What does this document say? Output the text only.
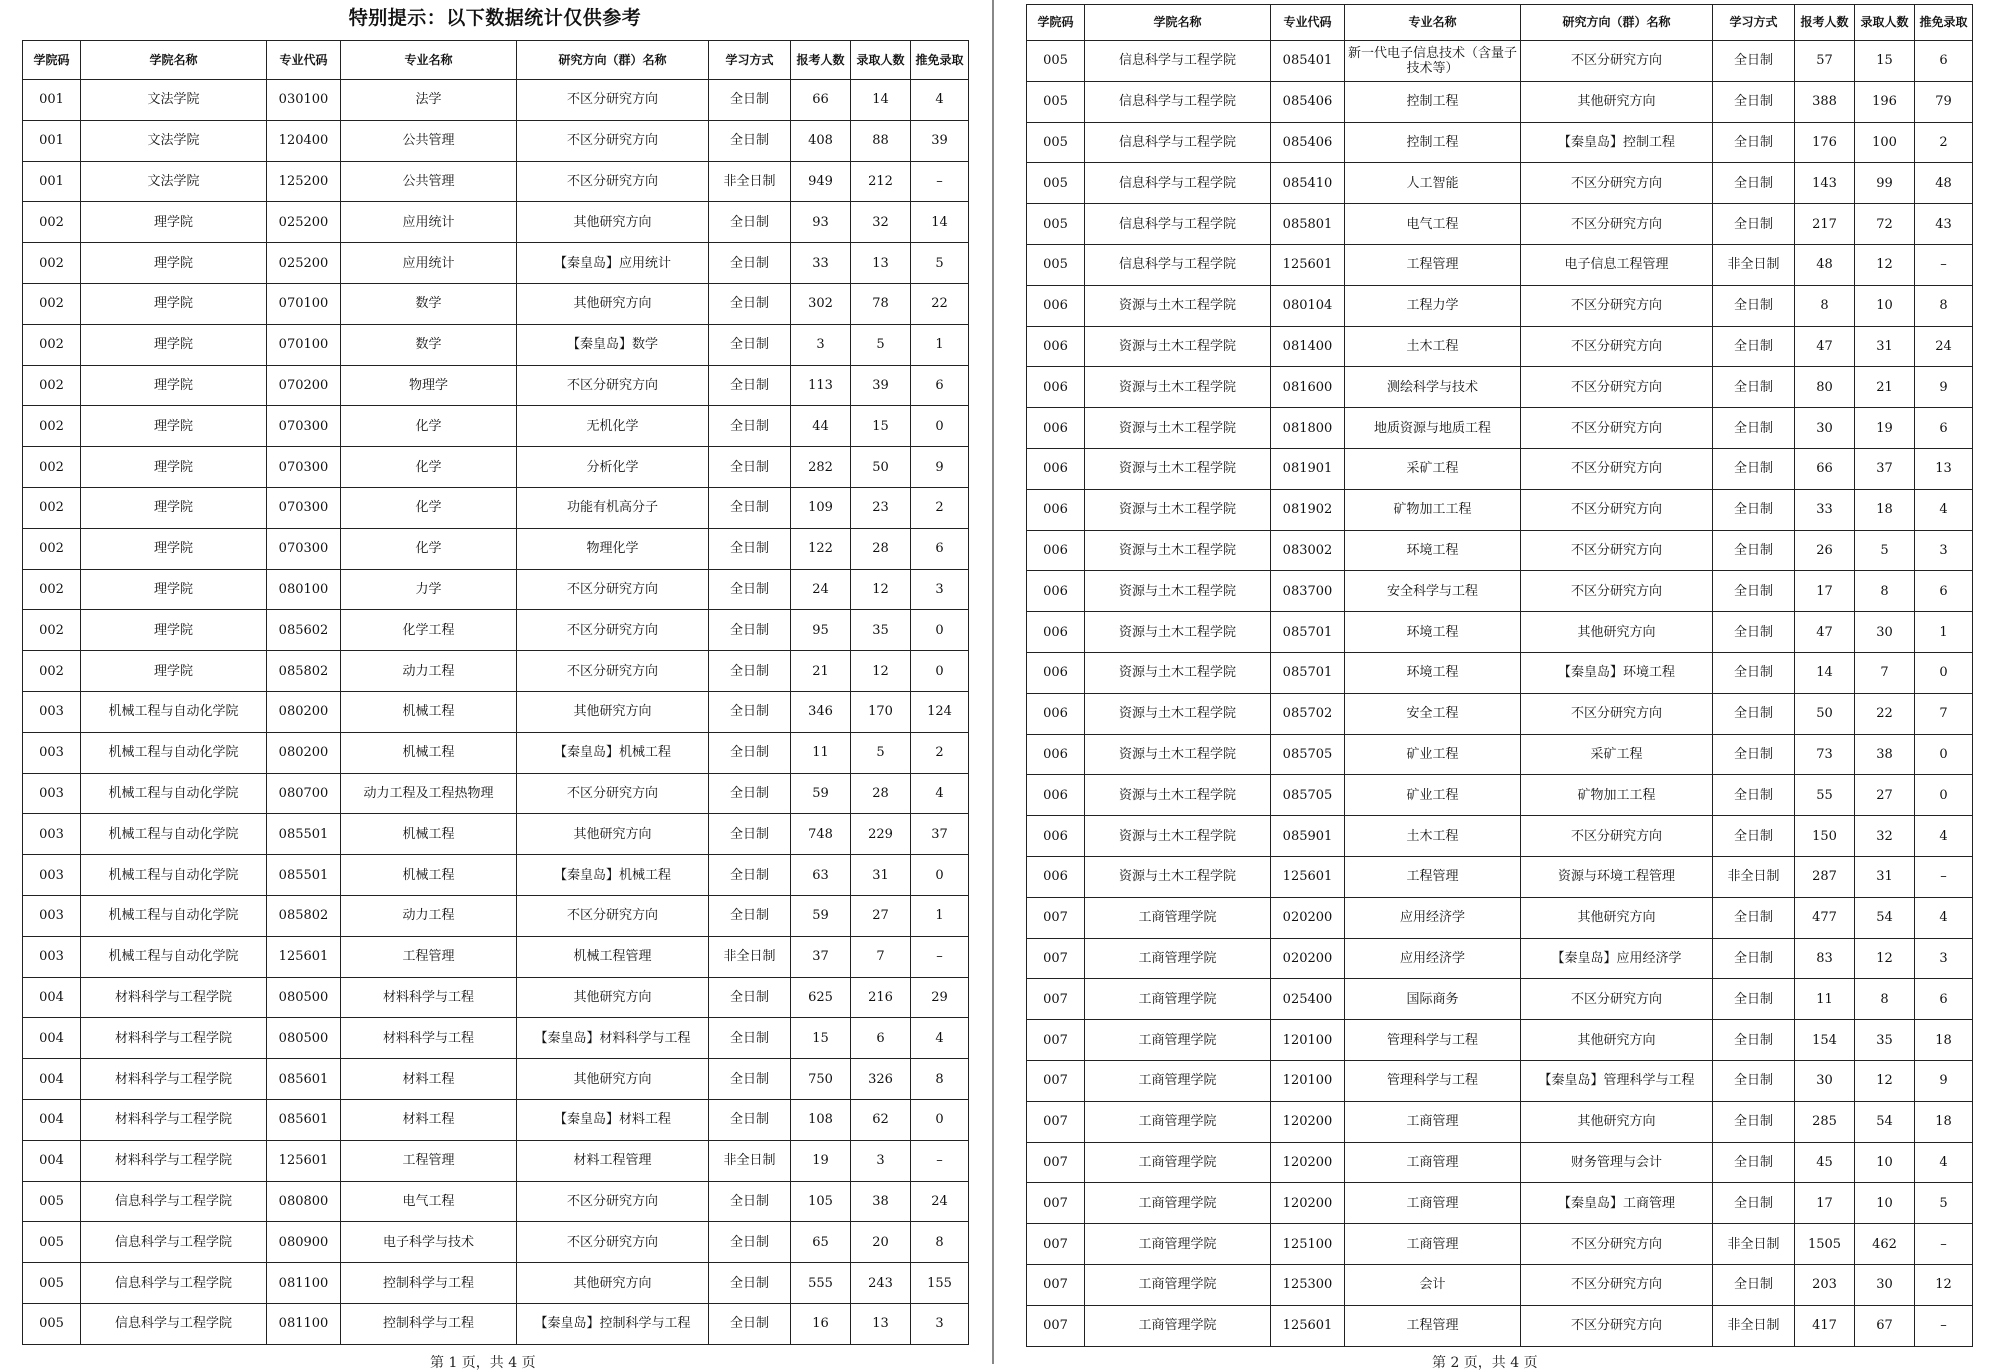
特别提示：以下数据统计仅供参考
学院码	学院名称	专业代码	专业名称	研究方向（群）名称	学习方式	报考人数	录取人数	推免录取
001	文法学院	030100	法学	不区分研究方向	全日制	66	14	4
001	文法学院	120400	公共管理	不区分研究方向	全日制	408	88	39
001	文法学院	125200	公共管理	不区分研究方向	非全日制	949	212	–
002	理学院	025200	应用统计	其他研究方向	全日制	93	32	14
002	理学院	025200	应用统计	【秦皇岛】应用统计	全日制	33	13	5
002	理学院	070100	数学	其他研究方向	全日制	302	78	22
002	理学院	070100	数学	【秦皇岛】数学	全日制	3	5	1
002	理学院	070200	物理学	不区分研究方向	全日制	113	39	6
002	理学院	070300	化学	无机化学	全日制	44	15	0
002	理学院	070300	化学	分析化学	全日制	282	50	9
002	理学院	070300	化学	功能有机高分子	全日制	109	23	2
002	理学院	070300	化学	物理化学	全日制	122	28	6
002	理学院	080100	力学	不区分研究方向	全日制	24	12	3
002	理学院	085602	化学工程	不区分研究方向	全日制	95	35	0
002	理学院	085802	动力工程	不区分研究方向	全日制	21	12	0
003	机械工程与自动化学院	080200	机械工程	其他研究方向	全日制	346	170	124
003	机械工程与自动化学院	080200	机械工程	【秦皇岛】机械工程	全日制	11	5	2
003	机械工程与自动化学院	080700	动力工程及工程热物理	不区分研究方向	全日制	59	28	4
003	机械工程与自动化学院	085501	机械工程	其他研究方向	全日制	748	229	37
003	机械工程与自动化学院	085501	机械工程	【秦皇岛】机械工程	全日制	63	31	0
003	机械工程与自动化学院	085802	动力工程	不区分研究方向	全日制	59	27	1
003	机械工程与自动化学院	125601	工程管理	机械工程管理	非全日制	37	7	–
004	材料科学与工程学院	080500	材料科学与工程	其他研究方向	全日制	625	216	29
004	材料科学与工程学院	080500	材料科学与工程	【秦皇岛】材料科学与工程	全日制	15	6	4
004	材料科学与工程学院	085601	材料工程	其他研究方向	全日制	750	326	8
004	材料科学与工程学院	085601	材料工程	【秦皇岛】材料工程	全日制	108	62	0
004	材料科学与工程学院	125601	工程管理	材料工程管理	非全日制	19	3	–
005	信息科学与工程学院	080800	电气工程	不区分研究方向	全日制	105	38	24
005	信息科学与工程学院	080900	电子科学与技术	不区分研究方向	全日制	65	20	8
005	信息科学与工程学院	081100	控制科学与工程	其他研究方向	全日制	555	243	155
005	信息科学与工程学院	081100	控制科学与工程	【秦皇岛】控制科学与工程	全日制	16	13	3
学院码	学院名称	专业代码	专业名称	研究方向（群）名称	学习方式	报考人数	录取人数	推免录取
005	信息科学与工程学院	085401	新一代电子信息技术（含量子技术等）	不区分研究方向	全日制	57	15	6
005	信息科学与工程学院	085406	控制工程	其他研究方向	全日制	388	196	79
005	信息科学与工程学院	085406	控制工程	【秦皇岛】控制工程	全日制	176	100	2
005	信息科学与工程学院	085410	人工智能	不区分研究方向	全日制	143	99	48
005	信息科学与工程学院	085801	电气工程	不区分研究方向	全日制	217	72	43
005	信息科学与工程学院	125601	工程管理	电子信息工程管理	非全日制	48	12	–
006	资源与土木工程学院	080104	工程力学	不区分研究方向	全日制	8	10	8
006	资源与土木工程学院	081400	土木工程	不区分研究方向	全日制	47	31	24
006	资源与土木工程学院	081600	测绘科学与技术	不区分研究方向	全日制	80	21	9
006	资源与土木工程学院	081800	地质资源与地质工程	不区分研究方向	全日制	30	19	6
006	资源与土木工程学院	081901	采矿工程	不区分研究方向	全日制	66	37	13
006	资源与土木工程学院	081902	矿物加工工程	不区分研究方向	全日制	33	18	4
006	资源与土木工程学院	083002	环境工程	不区分研究方向	全日制	26	5	3
006	资源与土木工程学院	083700	安全科学与工程	不区分研究方向	全日制	17	8	6
006	资源与土木工程学院	085701	环境工程	其他研究方向	全日制	47	30	1
006	资源与土木工程学院	085701	环境工程	【秦皇岛】环境工程	全日制	14	7	0
006	资源与土木工程学院	085702	安全工程	不区分研究方向	全日制	50	22	7
006	资源与土木工程学院	085705	矿业工程	采矿工程	全日制	73	38	0
006	资源与土木工程学院	085705	矿业工程	矿物加工工程	全日制	55	27	0
006	资源与土木工程学院	085901	土木工程	不区分研究方向	全日制	150	32	4
006	资源与土木工程学院	125601	工程管理	资源与环境工程管理	非全日制	287	31	–
007	工商管理学院	020200	应用经济学	其他研究方向	全日制	477	54	4
007	工商管理学院	020200	应用经济学	【秦皇岛】应用经济学	全日制	83	12	3
007	工商管理学院	025400	国际商务	不区分研究方向	全日制	11	8	6
007	工商管理学院	120100	管理科学与工程	其他研究方向	全日制	154	35	18
007	工商管理学院	120100	管理科学与工程	【秦皇岛】管理科学与工程	全日制	30	12	9
007	工商管理学院	120200	工商管理	其他研究方向	全日制	285	54	18
007	工商管理学院	120200	工商管理	财务管理与会计	全日制	45	10	4
007	工商管理学院	120200	工商管理	【秦皇岛】工商管理	全日制	17	10	5
007	工商管理学院	125100	工商管理	不区分研究方向	非全日制	1505	462	–
007	工商管理学院	125300	会计	不区分研究方向	全日制	203	30	12
007	工商管理学院	125601	工程管理	不区分研究方向	非全日制	417	67	–
第 1 页，共 4 页	第 2 页，共 4 页
